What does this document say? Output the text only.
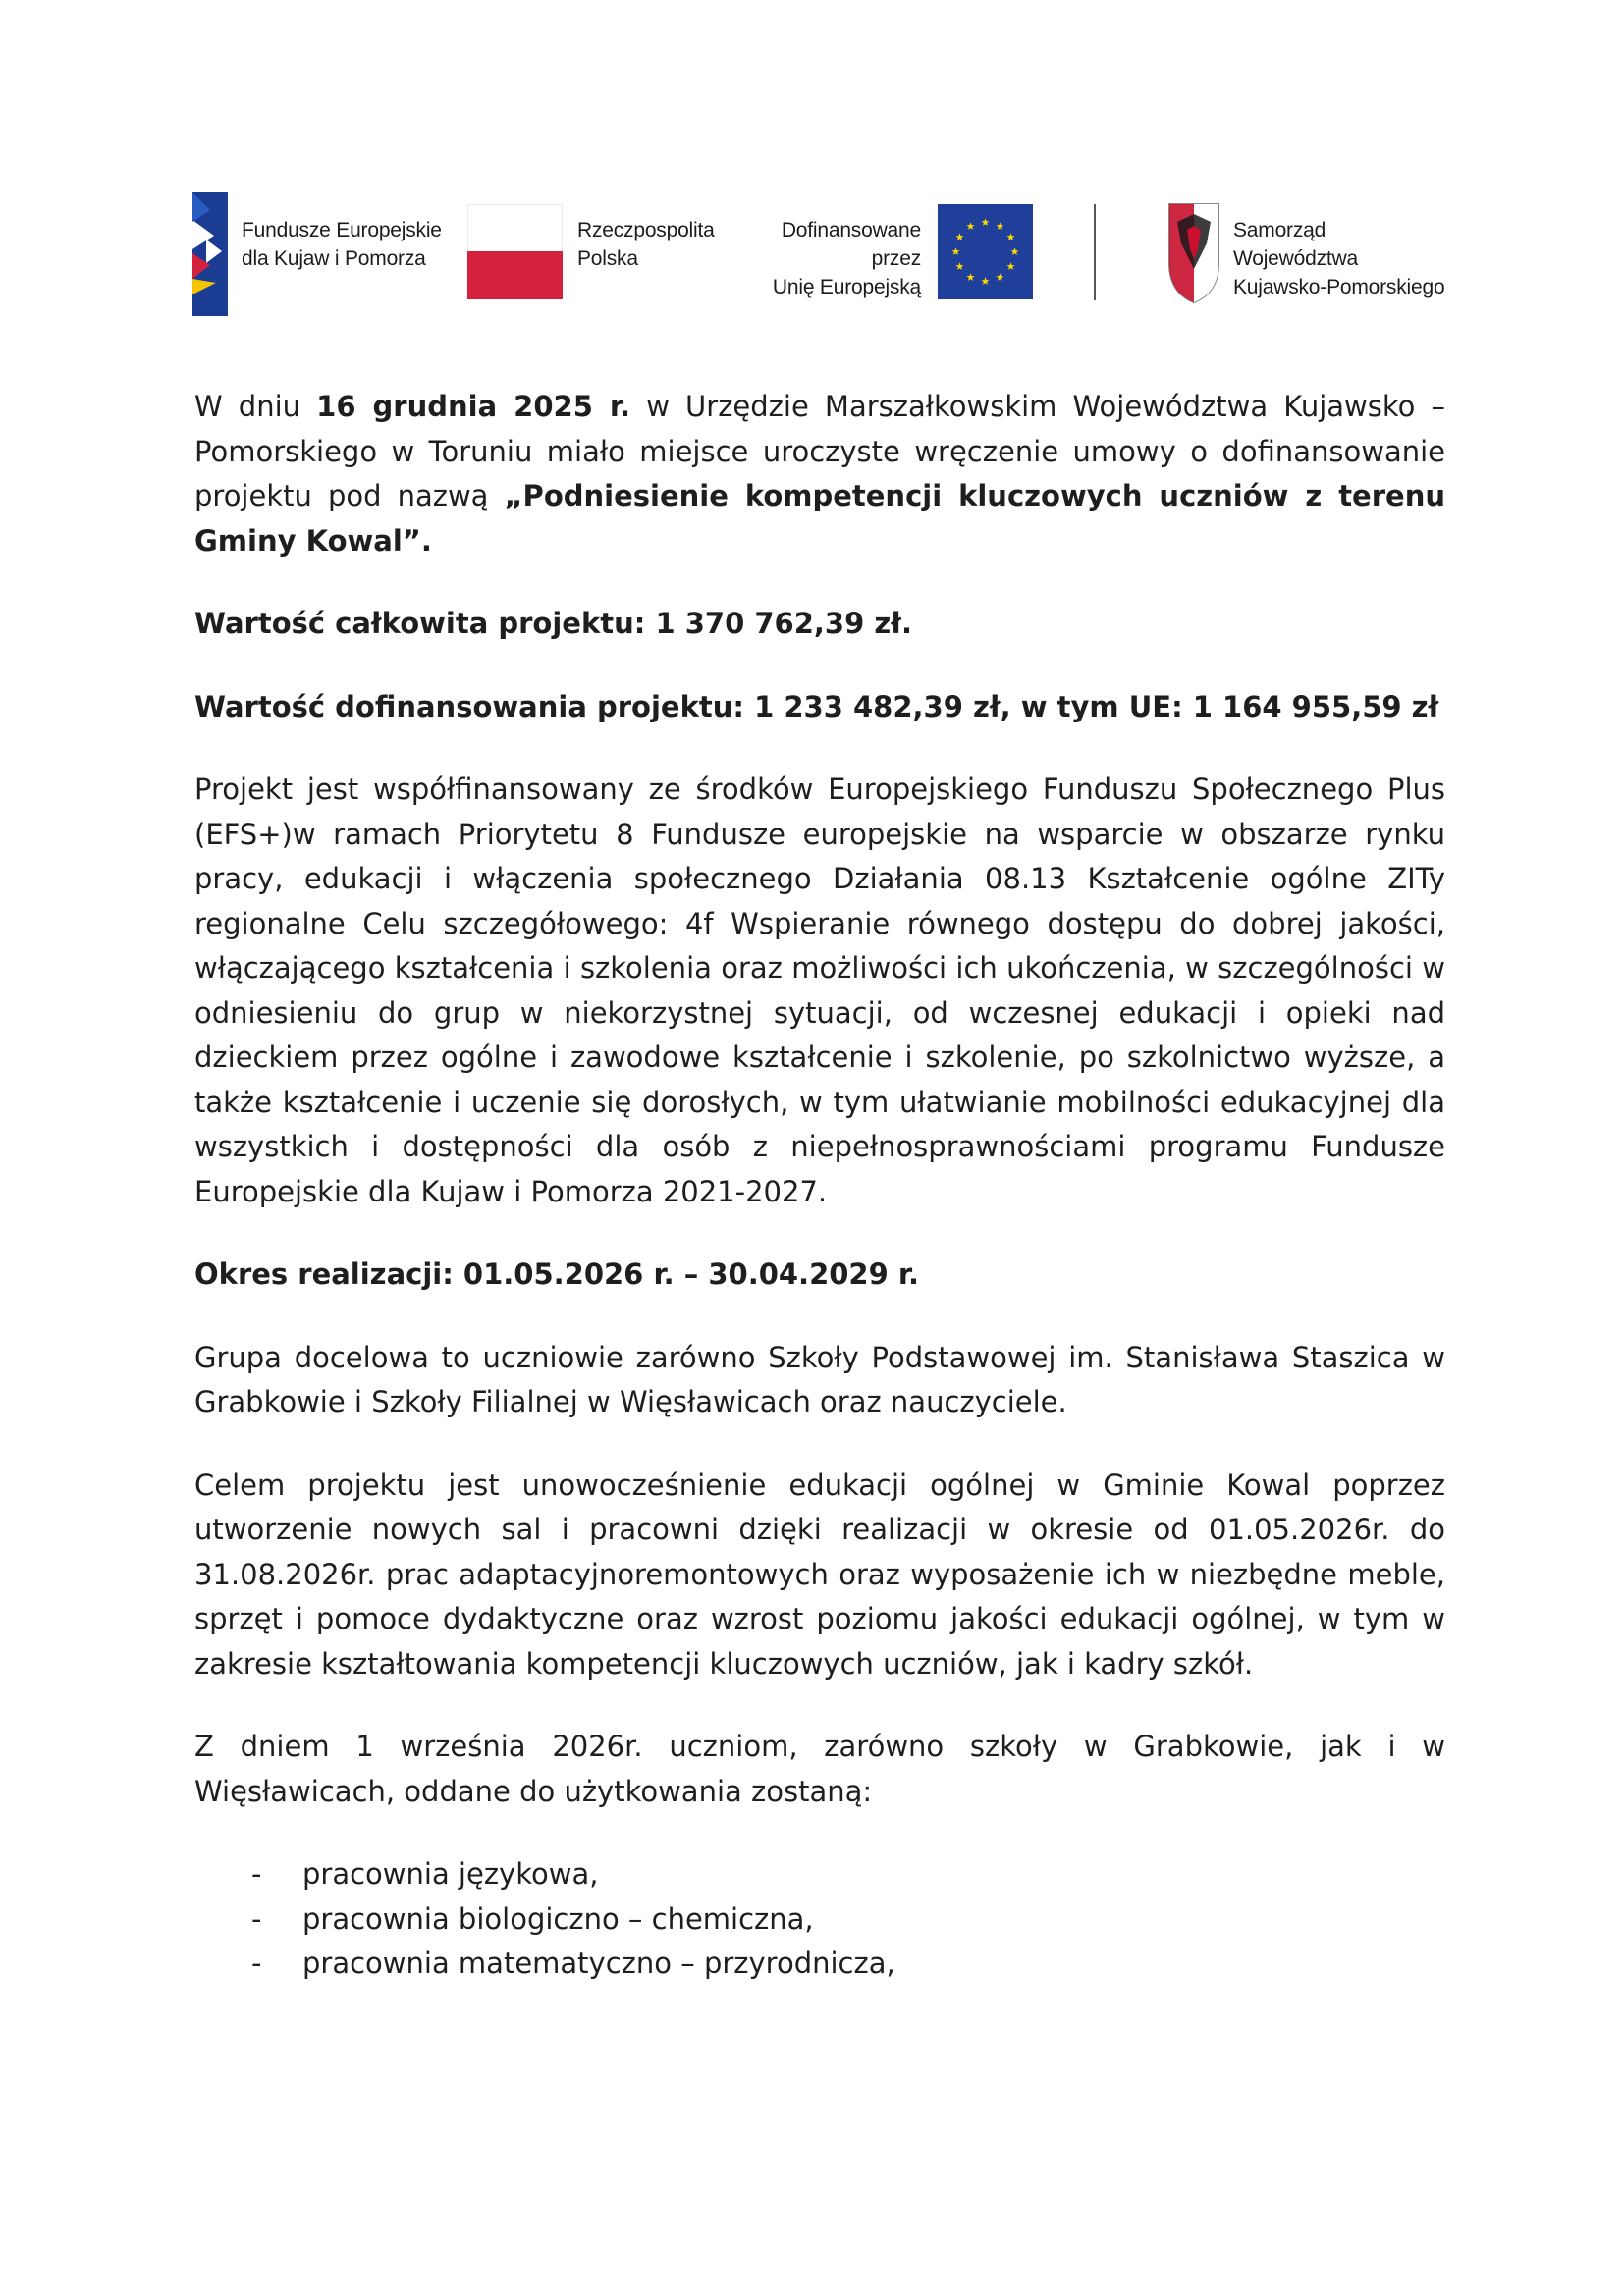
Fundusze Europejskie
dla Kujaw i Pomorza
Rzeczpospolita
Polska
Dofinansowane przez
Unię Europejską
Samorząd Województwa
Kujawsko-Pomorskiego

W dniu 16 grudnia 2025 r. w Urzędzie Marszałkowskim Województwa Kujawsko – Pomorskiego w Toruniu miało miejsce uroczyste wręczenie umowy o dofinansowanie projektu pod nazwą „Podniesienie kompetencji kluczowych uczniów z terenu Gminy Kowal”.

Wartość całkowita projektu: 1 370 762,39 zł.

Wartość dofinansowania projektu: 1 233 482,39 zł, w tym UE: 1 164 955,59 zł

Projekt jest współfinansowany ze środków Europejskiego Funduszu Społecznego Plus (EFS+)w ramach Priorytetu 8 Fundusze europejskie na wsparcie w obszarze rynku pracy, edukacji i włączenia społecznego Działania 08.13 Kształcenie ogólne ZITy regionalne Celu szczegółowego: 4f Wspieranie równego dostępu do dobrej jakości, włączającego kształcenia i szkolenia oraz możliwości ich ukończenia, w szczególności w odniesieniu do grup w niekorzystnej sytuacji, od wczesnej edukacji i opieki nad dzieckiem przez ogólne i zawodowe kształcenie i szkolenie, po szkolnictwo wyższe, a także kształcenie i uczenie się dorosłych, w tym ułatwianie mobilności edukacyjnej dla wszystkich i dostępności dla osób z niepełnosprawnościami programu Fundusze Europejskie dla Kujaw i Pomorza 2021-2027.

Okres realizacji: 01.05.2026 r. – 30.04.2029 r.

Grupa docelowa to uczniowie zarówno Szkoły Podstawowej im. Stanisława Staszica w Grabkowie i Szkoły Filialnej w Więsławicach oraz nauczyciele.

Celem projektu jest unowocześnienie edukacji ogólnej w Gminie Kowal poprzez utworzenie nowych sal i pracowni dzięki realizacji w okresie od 01.05.2026r. do 31.08.2026r. prac adaptacyjnoremontowych oraz wyposażenie ich w niezbędne meble, sprzęt i pomoce dydaktyczne oraz wzrost poziomu jakości edukacji ogólnej, w tym w zakresie kształtowania kompetencji kluczowych uczniów, jak i kadry szkół.

Z dniem 1 września 2026r. uczniom, zarówno szkoły w Grabkowie, jak i w Więsławicach, oddane do użytkowania zostaną:

- pracownia językowa,
- pracownia biologiczno – chemiczna,
- pracownia matematyczno – przyrodnicza,
